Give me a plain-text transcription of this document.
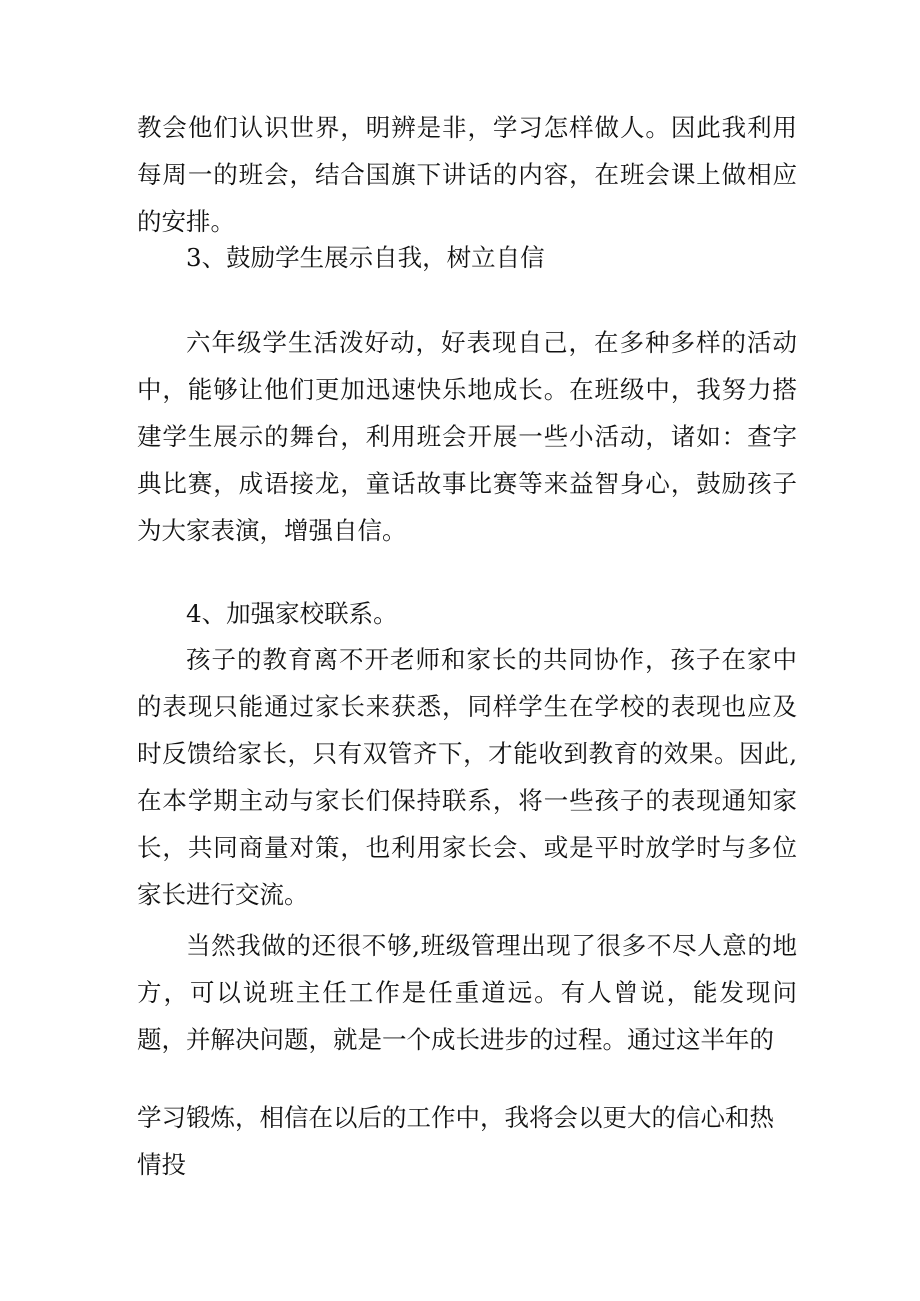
教会他们认识世界，明辨是非，学习怎样做人。因此我利用每周一的班会，结合国旗下讲话的内容，在班会课上做相应的安排。

3、鼓励学生展示自我，树立自信

六年级学生活泼好动，好表现自己，在多种多样的活动中，能够让他们更加迅速快乐地成长。在班级中，我努力搭建学生展示的舞台，利用班会开展一些小活动，诸如：查字典比赛，成语接龙，童话故事比赛等来益智身心，鼓励孩子为大家表演，增强自信。

4、加强家校联系。

孩子的教育离不开老师和家长的共同协作，孩子在家中的表现只能通过家长来获悉，同样学生在学校的表现也应及时反馈给家长，只有双管齐下，才能收到教育的效果。因此,在本学期主动与家长们保持联系，将一些孩子的表现通知家长，共同商量对策，也利用家长会、或是平时放学时与多位家长进行交流。

当然我做的还很不够,班级管理出现了很多不尽人意的地方，可以说班主任工作是任重道远。有人曾说，能发现问题，并解决问题，就是一个成长进步的过程。通过这半年的

学习锻炼，相信在以后的工作中，我将会以更大的信心和热情投
